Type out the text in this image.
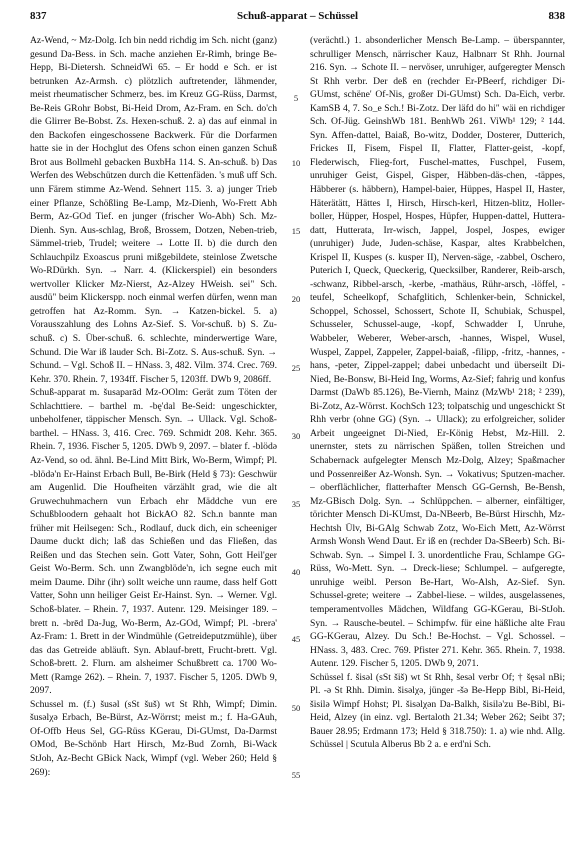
837	Schuß-apparat – Schüssel	838

Az-Wend, ~ Mz-Dolg. Ich bin nedd richdig im Sch. nicht (ganz) gesund Da-Bess. in Sch. mache anziehen Er-Rimh, bringe Be-Hepp, Bi-Dietersh. SchneidWi 65. – Er hodd e Sch. er ist betrunken Az-Armsh. c) plötzlich auftretender, lähmender, meist rheumatischer Schmerz, bes. im Kreuz GG-Rüss, Darmst, Be-Reis GRohr Bobst, Bi-Heid Drom, Az-Fram. en Sch. do'ch die Glirrer Be-Bobst. Zs. Hexen-schuß. 2. a) das auf einmal in den Backofen eingeschossene Backwerk. Für die Dorfarmen hatte sie in der Hochglut des Ofens schon einen ganzen Schuß Brot aus Bollmehl gebacken BuxbHa 114. S. An-schuß. b) Das Werfen des Webschützen durch die Kettenfäden. 's muß uff Sch. unn Färem stimme Az-Wend. Sehnert 115. 3. a) junger Trieb einer Pflanze, Schößling Be-Lamp, Mz-Dienh, Wo-Frett Abh Berm, Az-GOd Tief. en junger (frischer Wo-Abh) Sch. Mz-Dienh. Syn. Aus-schlag, Broß, Brossem, Dotzen, Neben-trieb, Sämmel-trieb, Trudel; weitere → Lotte II. b) die durch den Schlauchpilz Exoascus pruni mißgebildete, steinlose Zwetsche Wo-RDürkh. Syn. → Narr. 4. (Klickerspiel) ein besonders wertvoller Klicker Mz-Nierst, Az-Alzey HWeish. sei" Sch. ausdü" beim Klickerspp. noch einmal werfen dürfen, wenn man getroffen hat Az-Romm. Syn. → Katzen-bickel. 5. a) Vorausszahlung des Lohns Az-Sief. S. Vor-schuß. b) S. Zu-schuß. c) S. Über-schuß. 6. schlechte, minderwertige Ware, Schund. Die War iß lauder Sch. Bi-Zotz. S. Aus-schuß. Syn. → Schund. – Vgl. Schoß II. – HNass. 3, 482. Vilm. 374. Crec. 769. Kehr. 370. Rhein. 7, 1934ff. Fischer 5, 1203ff. DWb 9, 2086ff.

Schuß-apparat m. šusaparād Mz-OOlm: Gerät zum Töten der Schlachttiere. – barthel m. -bę'dal Be-Seid: ungeschickter, unbeholfener, täppischer Mensch. Syn. → Ullack. Vgl. Schoß-barthel. – HNass. 3, 416. Crec. 769. Schmidt 208. Kehr. 365. Rhein. 7, 1936. Fischer 5, 1205. DWb 9, 2097. – blater f. -blödə Az-Vend, so od. ähnl. Be-Lind Mitt Birk, Wo-Berm, Wimpf; Pl. -blödə'n Er-Hainst Erbach Bull, Be-Birk (Held § 73): Geschwür am Augenlid. Die Houfheiten värzählt grad, wie die alt Gruwechuhmachern vun Erbach ehr Mäddche vun ere Schußbloodern gehaalt hot BickAO 82. Sch.n bannte man früher mit Heilsegen: Sch., Rodlauf, duck dich, ein scheeniger Daume duckt dich; laß das Schießen und das Fließen, das Reißen und das Stechen sein. Gott Vater, Sohn, Gott Heil'ger Geist Wo-Berm. Sch. unn Zwangblöde'n, ich segne euch mit meim Daume. Dihr (ihr) sollt weiche unn raume, dass helf Gott Vatter, Sohn unn heiliger Geist Er-Hainst. Syn. → Werner. Vgl. Schoß-blater. – Rhein. 7, 1937. Autenr. 129. Meisinger 189. – brett n. -brēd Da-Jug, Wo-Berm, Az-GOd, Wimpf; Pl. -brerə' Az-Fram: 1. Brett in der Windmühle (Getreideputzmühle), über das das Getreide abläuft. Syn. Ablauf-brett, Frucht-brett. Vgl. Schoß-brett. 2. Flurn. am alsheimer Schußbrett ca. 1700 Wo-Mett (Ramge 262). – Rhein. 7, 1937. Fischer 5, 1205. DWb 9, 2097.

Schussel m. (f.) šusəl (sSt šuš) wt St Rhh, Wimpf; Dimin. šusəlχə Erbach, Be-Bürst, Az-Wörrst; meist m.; f. Ha-GAuh, Of-Offb Heus Sel, GG-Rüss KGerau, Di-GUmst, Da-Darmst OMod, Be-Schönb Hart Hirsch, Mz-Bud Zornh, Bi-Wack StJoh, Az-Becht GBick Nack, Wimpf (vgl. Weber 260; Held § 269):

5
10
15
20
25
30
35
40
45
50
55

(verächtl.) 1. absonderlicher Mensch Be-Lamp. – überspannter, schrulliger Mensch, närrischer Kauz, Halbnarr St Rhh. Journal 216. Syn. → Schote II. – nervöser, unruhiger, aufgeregter Mensch St Rhh verbr. Der deß en (rechder Er-PBeerf, richdiger Di-GUmst, schëne' Of-Nis, großer Di-GUmst) Sch. Da-Eich, verbr. KamSB 4, 7. So_e Sch.! Bi-Zotz. Der läfd do hi" wäi en richdiger Sch. Of-Jüg. GeinshWb 181. BenhWb 261. ViWb¹ 129; ² 144. Syn. Affen-dattel, Baiaß, Bo-witz, Dodder, Dosterer, Dutterich, Frickes II, Fisem, Fispel II, Flatter, Flatter-geist, -kopf, Flederwisch, Flieg-fort, Fuschel-mattes, Fuschpel, Fusem, unruhiger Geist, Gispel, Gisper, Häbben-däs-chen, -täppes, Häbberer (s. häbbern), Hampel-baier, Hüppes, Haspel II, Haster, Häterätätt, Hättes I, Hirsch, Hirsch-kerl, Hitzen-blitz, Holler-boller, Hüpper, Hospel, Hospes, Hüpfer, Huppen-dattel, Huttera-datt, Hutterata, Irr-wisch, Jappel, Jospel, Jospes, ewiger (unruhiger) Jude, Juden-schäse, Kaspar, altes Krabbelchen, Krispel II, Kuspes (s. kusper II), Nerven-säge, -zabbel, Oschero, Puterich I, Queck, Queckerig, Quecksilber, Randerer, Reib-arsch, -schwanz, Ribbel-arsch, -kerbe, -mathäus, Rühr-arsch, -löffel, -teufel, Scheelkopf, Schafglitich, Schlenker-bein, Schnickel, Schoppel, Schossel, Schossert, Schote II, Schubiak, Schuspel, Schusseler, Schussel-auge, -kopf, Schwadder I, Unruhe, Wabbeler, Weberer, Weber-arsch, -hannes, Wispel, Wusel, Wuspel, Zappel, Zappeler, Zappel-baiaß, -filipp, -fritz, -hannes, -hans, -peter, Zippel-zappel; dabei unbedacht und überseilt Di-Nied, Be-Bonsw, Bi-Heid Ing, Worms, Az-Sief; fahrig und konfus Darmst (DaWb 85.126), Be-Viernh, Mainz (MzWb¹ 218; ² 239), Bi-Zotz, Az-Wörrst. KochSch 123; tolpatschig und ungeschickt St Rhh verbr (ohne GG) (Syn. → Ullack); zu erfolgreicher, solider Arbeit ungeeignet Di-Nied, Er-König Hebst, Mz-Hill. 2. unernster, stets zu närrischen Späßen, tollen Streichen und Schabernack aufgelegter Mensch Mz-Dolg, Alzey; Spaßmacher und Possenreißer Az-Wonsh. Syn. → Vokativus; Sputzen-macher. – oberflächlicher, flatterhafter Mensch GG-Gernsh, Be-Bensh, Mz-GBisch Dolg. Syn. → Schlüppchen. – alberner, einfältiger, törichter Mensch Di-KUmst, Da-NBeerb, Be-Bürst Hirschh, Mz-Hechtsh Ülv, Bi-GAlg Schwab Zotz, Wo-Eich Mett, Az-Wörrst Armsh Wonsh Wend Daut. Er iß en (rechder Da-SBeerb) Sch. Bi-Schwab. Syn. → Simpel I. 3. unordentliche Frau, Schlampe GG-Rüss, Wo-Mett. Syn. → Dreck-liese; Schlumpel. – aufgeregte, unruhige weibl. Person Be-Hart, Wo-Alsh, Az-Sief. Syn. Schussel-grete; weitere → Zabbel-liese. – wildes, ausgelassenes, temperamentvolles Mädchen, Wildfang GG-KGerau, Bi-StJoh. Syn. → Rausche-beutel. – Schimpfw. für eine häßliche alte Frau GG-KGerau, Alzey. Du Sch.! Be-Hochst. – Vgl. Schossel. – HNass. 3, 483. Crec. 769. Pfister 271. Kehr. 365. Rhein. 7, 1938. Autenr. 129. Fischer 5, 1205. DWb 9, 2071.

Schüssel f. šisəl (sSt šiš) wt St Rhh, šesəl verbr Of; † šęsəl nBi; Pl. -ə St Rhh. Dimin. šisəlχə, jünger -šə Be-Hepp Bibl, Bi-Heid, šisilə Wimpf Hohst; Pl. šisəlχən Da-Balkh, šisilə'zu Be-Bibl, Bi-Heid, Alzey (in einz. vgl. Bertaloth 21.34; Weber 262; Seibt 37; Bauer 28.95; Erdmann 173; Held § 318.750): 1. a) wie nhd. Allg. Schüssel | Scutula Alberus Bb 2 a. e erd'ni Sch.
